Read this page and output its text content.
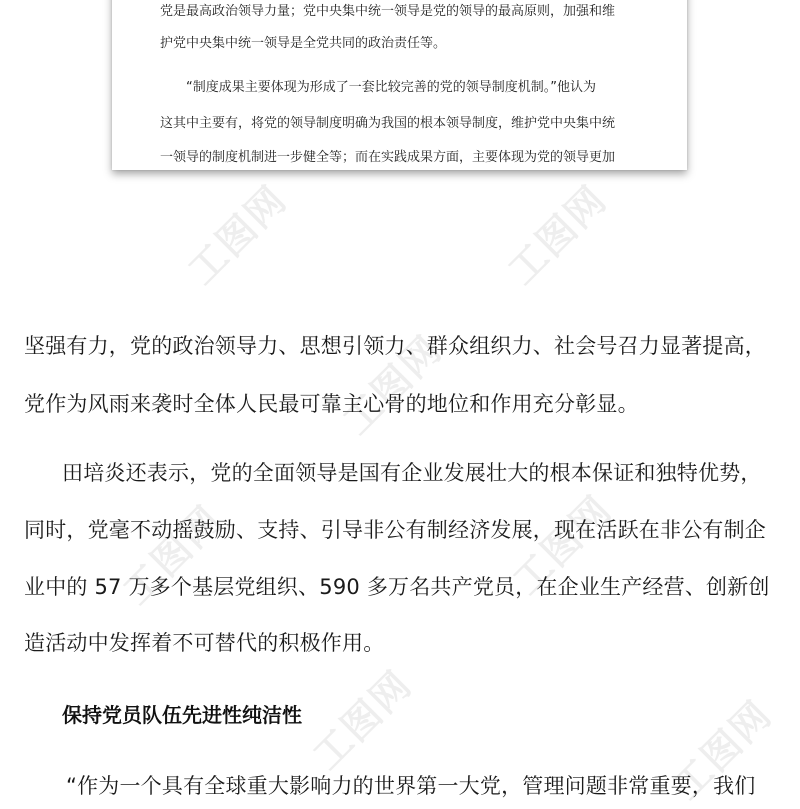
工图网	工图网
工图网
工图网	工图网
工图网	工图网
党是最高政治领导力量；党中央集中统一领导是党的领导的最高原则，加强和维
护党中央集中统一领导是全党共同的政治责任等。
“制度成果主要体现为形成了一套比较完善的党的领导制度机制。”他认为
这其中主要有，将党的领导制度明确为我国的根本领导制度，维护党中央集中统
一领导的制度机制进一步健全等；而在实践成果方面，主要体现为党的领导更加
坚强有力，党的政治领导力、思想引领力、群众组织力、社会号召力显著提高，
党作为风雨来袭时全体人民最可靠主心骨的地位和作用充分彰显。
田培炎还表示，党的全面领导是国有企业发展壮大的根本保证和独特优势，
同时，党毫不动摇鼓励、支持、引导非公有制经济发展，现在活跃在非公有制企
业中的 57 万多个基层党组织、590 多万名共产党员，在企业生产经营、创新创
造活动中发挥着不可替代的积极作用。
保持党员队伍先进性纯洁性
“作为一个具有全球重大影响力的世界第一大党，管理问题非常重要，我们
